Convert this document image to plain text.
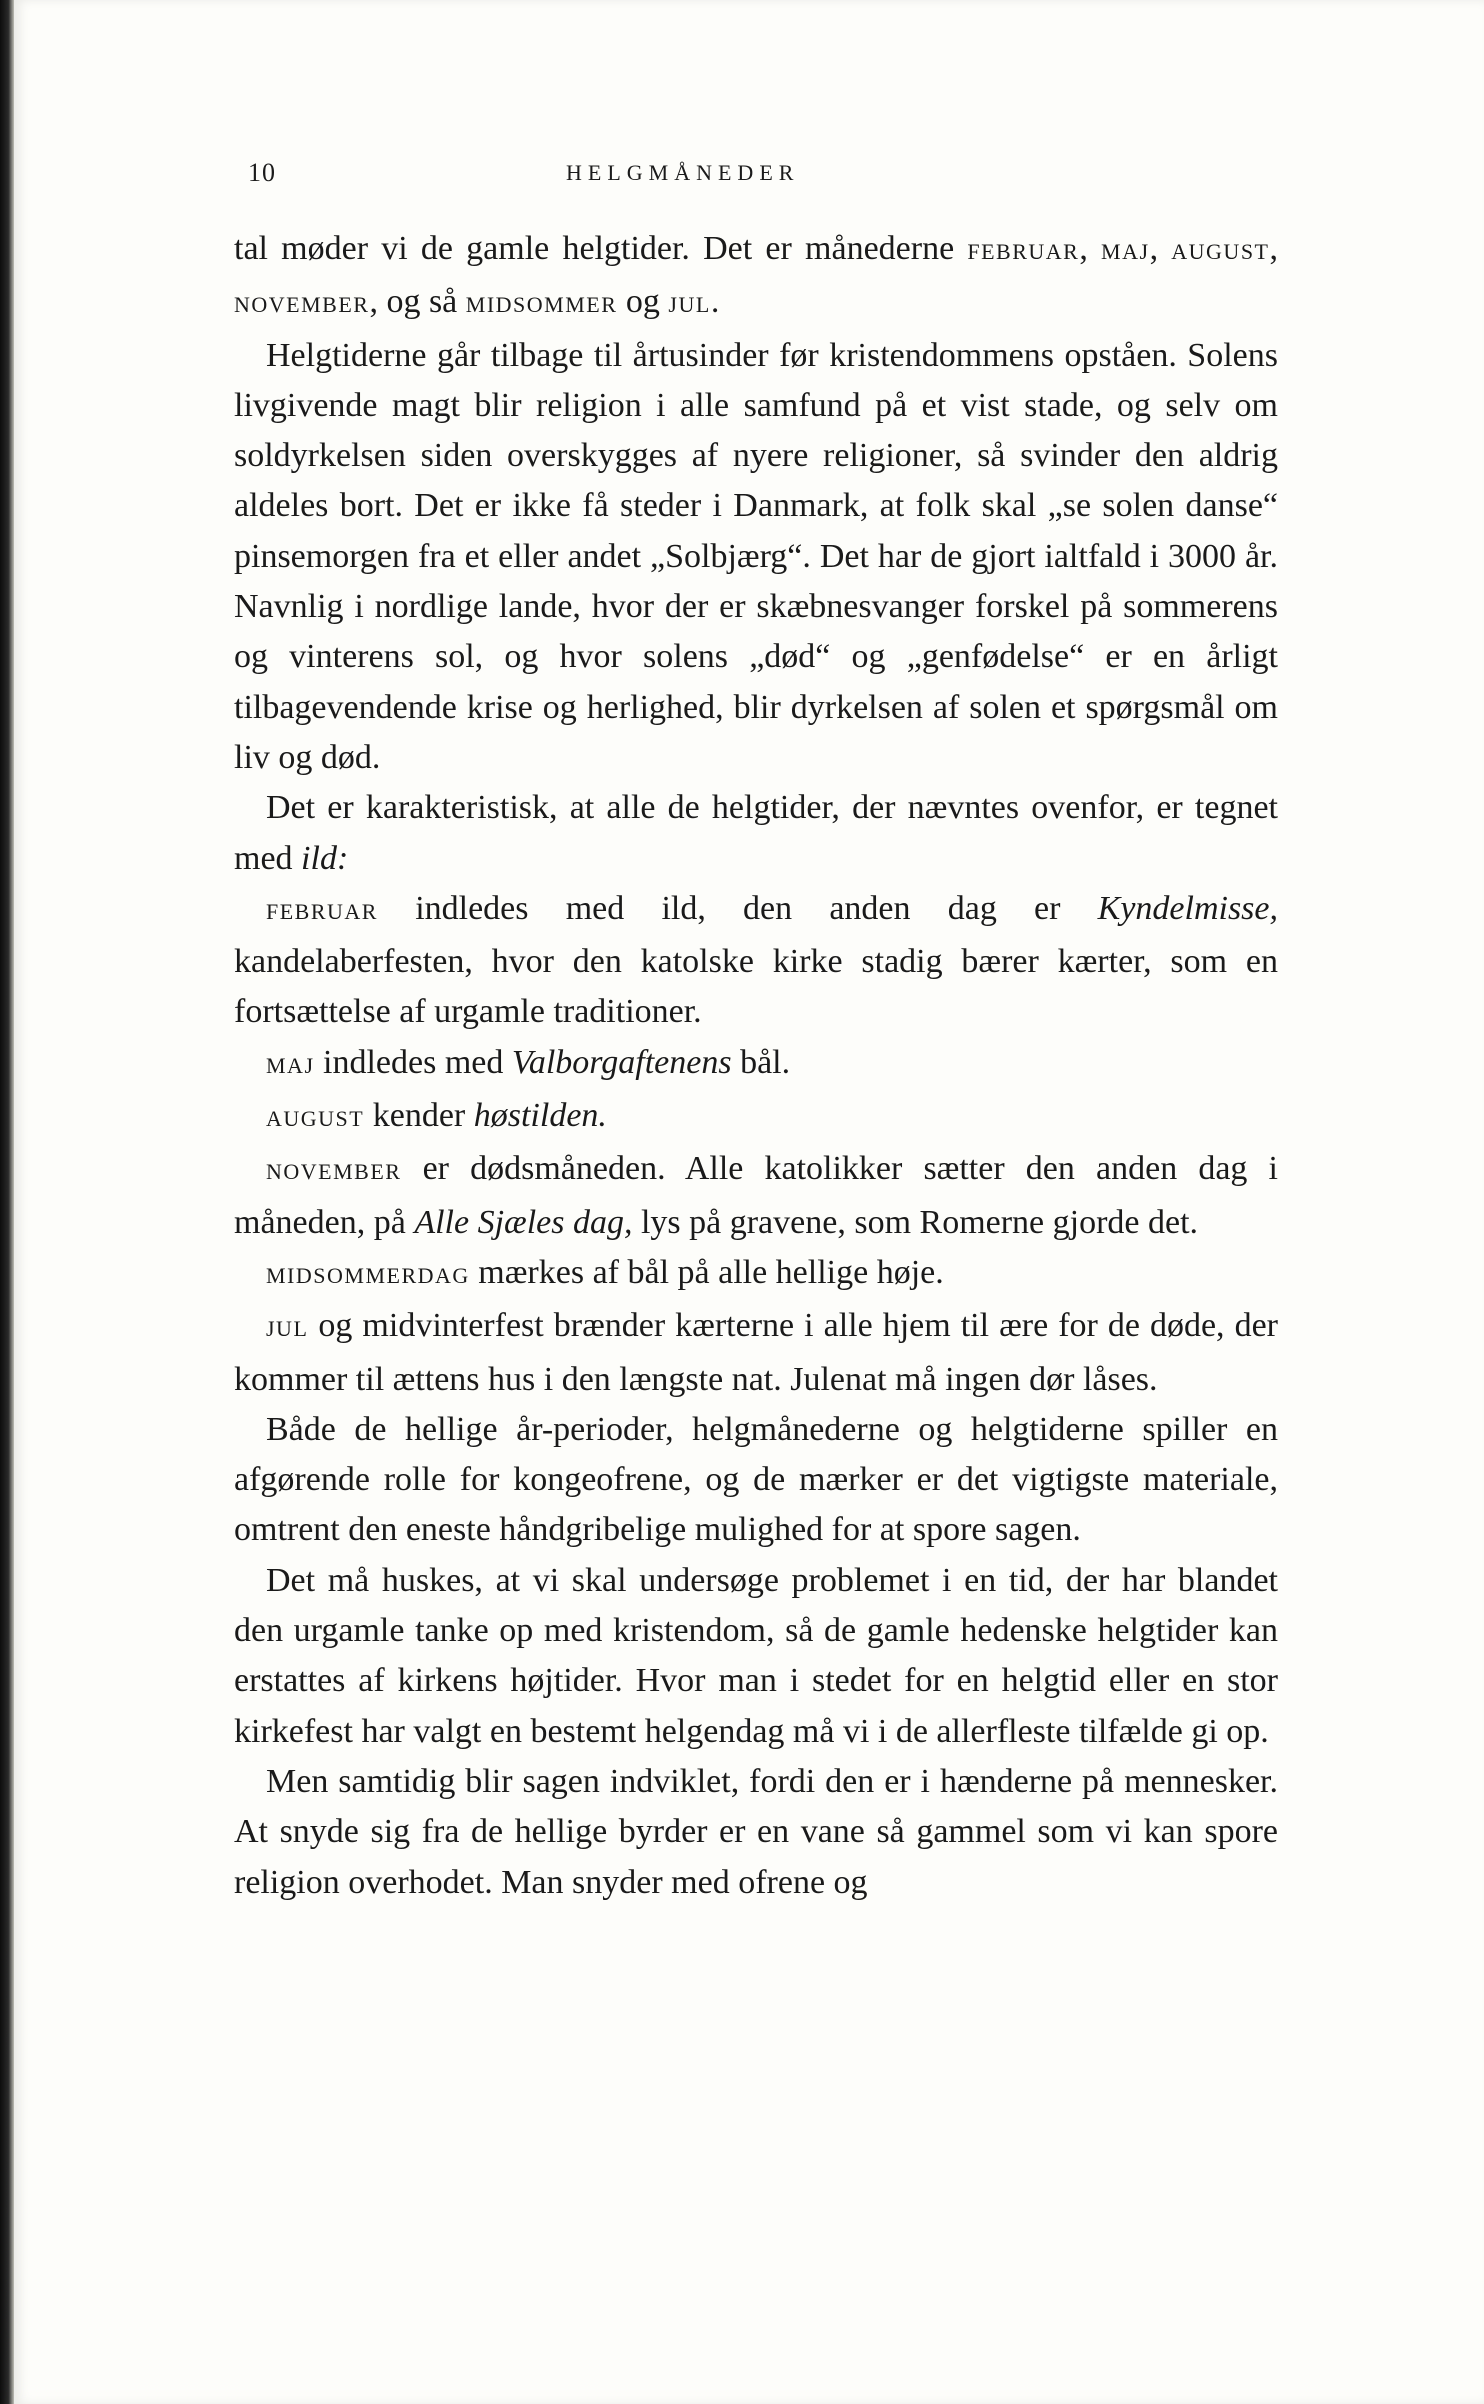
10	HELGMÅNEDER

tal møder vi de gamle helgtider. Det er månederne FEBRUAR, MAJ, AUGUST, NOVEMBER, og så MIDSOMMER og JUL.

Helgtiderne går tilbage til årtusinder før kristendommens opståen. Solens livgivende magt blir religion i alle samfund på et vist stade, og selv om soldyrkelsen siden overskygges af nyere religioner, så svinder den aldrig aldeles bort. Det er ikke få steder i Danmark, at folk skal „se solen danse“ pinsemorgen fra et eller andet „Solbjærg“. Det har de gjort ialtfald i 3000 år. Navnlig i nordlige lande, hvor der er skæbnesvanger forskel på sommerens og vinterens sol, og hvor solens „død“ og „genfødelse“ er en årligt tilbagevendende krise og herlighed, blir dyrkelsen af solen et spørgsmål om liv og død.

Det er karakteristisk, at alle de helgtider, der nævntes ovenfor, er tegnet med ild:

FEBRUAR indledes med ild, den anden dag er Kyndelmisse, kandelaberfesten, hvor den katolske kirke stadig bærer kærter, som en fortsættelse af urgamle traditioner.

MAJ indledes med Valborgaftenens bål.

AUGUST kender høstilden.

NOVEMBER er dødsmåneden. Alle katolikker sætter den anden dag i måneden, på Alle Sjæles dag, lys på gravene, som Romerne gjorde det.

MIDSOMMERDAG mærkes af bål på alle hellige høje.

JUL og midvinterfest brænder kærterne i alle hjem til ære for de døde, der kommer til ættens hus i den længste nat. Julenat må ingen dør låses.

Både de hellige år-perioder, helgmånederne og helgtiderne spiller en afgørende rolle for kongeofrene, og de mærker er det vigtigste materiale, omtrent den eneste håndgribelige mulighed for at spore sagen.

Det må huskes, at vi skal undersøge problemet i en tid, der har blandet den urgamle tanke op med kristendom, så de gamle hedenske helgtider kan erstattes af kirkens højtider. Hvor man i stedet for en helgtid eller en stor kirkefest har valgt en bestemt helgendag må vi i de allerfleste tilfælde gi op.

Men samtidig blir sagen indviklet, fordi den er i hænderne på mennesker. At snyde sig fra de hellige byrder er en vane så gammel som vi kan spore religion overhodet. Man snyder med ofrene og
